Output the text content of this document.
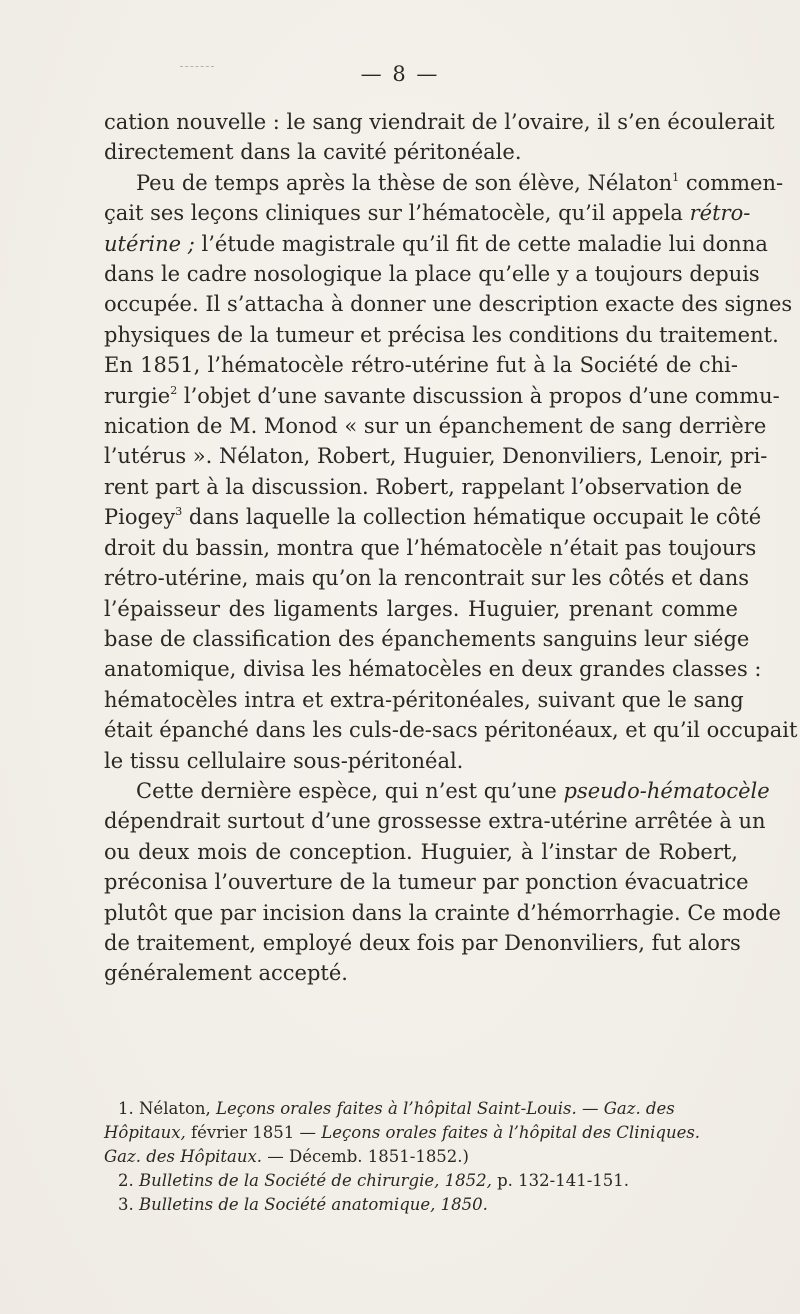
— 8 —

cation nouvelle : le sang viendrait de l’ovaire, il s’en écoulerait
directement dans la cavité péritonéale.

Peu de temps après la thèse de son élève, Nélaton$^1$ commen-
çait ses leçons cliniques sur l’hématocèle, qu’il appela rétro-
utérine ; l’étude magistrale qu’il fit de cette maladie lui donna
dans le cadre nosologique la place qu’elle y a toujours depuis
occupée. Il s’attacha à donner une description exacte des signes
physiques de la tumeur et précisa les conditions du traitement.
En 1851, l’hématocèle rétro-utérine fut à la Société de chi-
rurgie$^2$ l’objet d’une savante discussion à propos d’une commu-
nication de M. Monod « sur un épanchement de sang derrière
l’utérus ». Nélaton, Robert, Huguier, Denonviliers, Lenoir, pri-
rent part à la discussion. Robert, rappelant l’observation de
Piogey$^3$ dans laquelle la collection hématique occupait le côté
droit du bassin, montra que l’hématocèle n’était pas toujours
rétro-utérine, mais qu’on la rencontrait sur les côtés et dans
l’épaisseur des ligaments larges. Huguier, prenant comme
base de classification des épanchements sanguins leur siége
anatomique, divisa les hématocèles en deux grandes classes :
hématocèles intra et extra-péritonéales, suivant que le sang
était épanché dans les culs-de-sacs péritonéaux, et qu’il occupait
le tissu cellulaire sous-péritonéal.

Cette dernière espèce, qui n’est qu’une pseudo-hématocèle
dépendrait surtout d’une grossesse extra-utérine arrêtée à un
ou deux mois de conception. Huguier, à l’instar de Robert,
préconisa l’ouverture de la tumeur par ponction évacuatrice
plutôt que par incision dans la crainte d’hémorrhagie. Ce mode
de traitement, employé deux fois par Denonviliers, fut alors
généralement accepté.

1. Nélaton, Leçons orales faites à l’hôpital Saint-Louis. — Gaz. des
Hôpitaux, février 1851 — Leçons orales faites à l’hôpital des Cliniques.
Gaz. des Hôpitaux. — Décemb. 1851-1852.)
2. Bulletins de la Société de chirurgie, 1852, p. 132-141-151.
3. Bulletins de la Société anatomique, 1850.
